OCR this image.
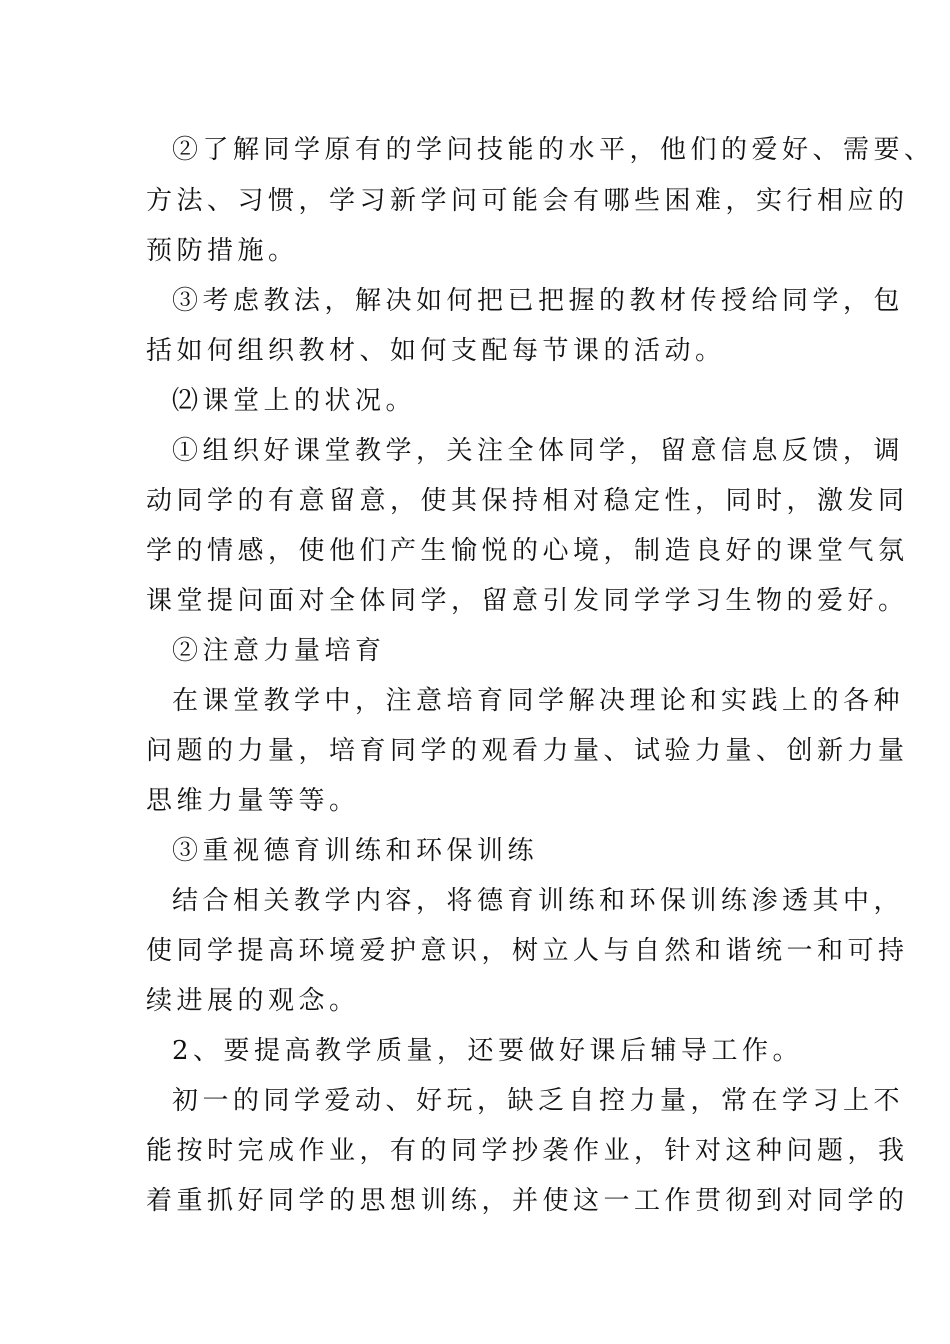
②了解同学原有的学问技能的水平，他们的爱好、需要、

方法、习惯，学习新学问可能会有哪些困难，实行相应的

预防措施。

③考虑教法，解决如何把已把握的教材传授给同学，包

括如何组织教材、如何支配每节课的活动。

⑵课堂上的状况。

①组织好课堂教学，关注全体同学，留意信息反馈，调

动同学的有意留意，使其保持相对稳定性，同时，激发同

学的情感，使他们产生愉悦的心境，制造良好的课堂气氛

课堂提问面对全体同学，留意引发同学学习生物的爱好。

②注意力量培育

在课堂教学中，注意培育同学解决理论和实践上的各种

问题的力量，培育同学的观看力量、试验力量、创新力量

思维力量等等。

③重视德育训练和环保训练

结合相关教学内容，将德育训练和环保训练渗透其中，

使同学提高环境爱护意识，树立人与自然和谐统一和可持

续进展的观念。

2、要提高教学质量，还要做好课后辅导工作。

初一的同学爱动、好玩，缺乏自控力量，常在学习上不

能按时完成作业，有的同学抄袭作业，针对这种问题，我

着重抓好同学的思想训练，并使这一工作贯彻到对同学的
